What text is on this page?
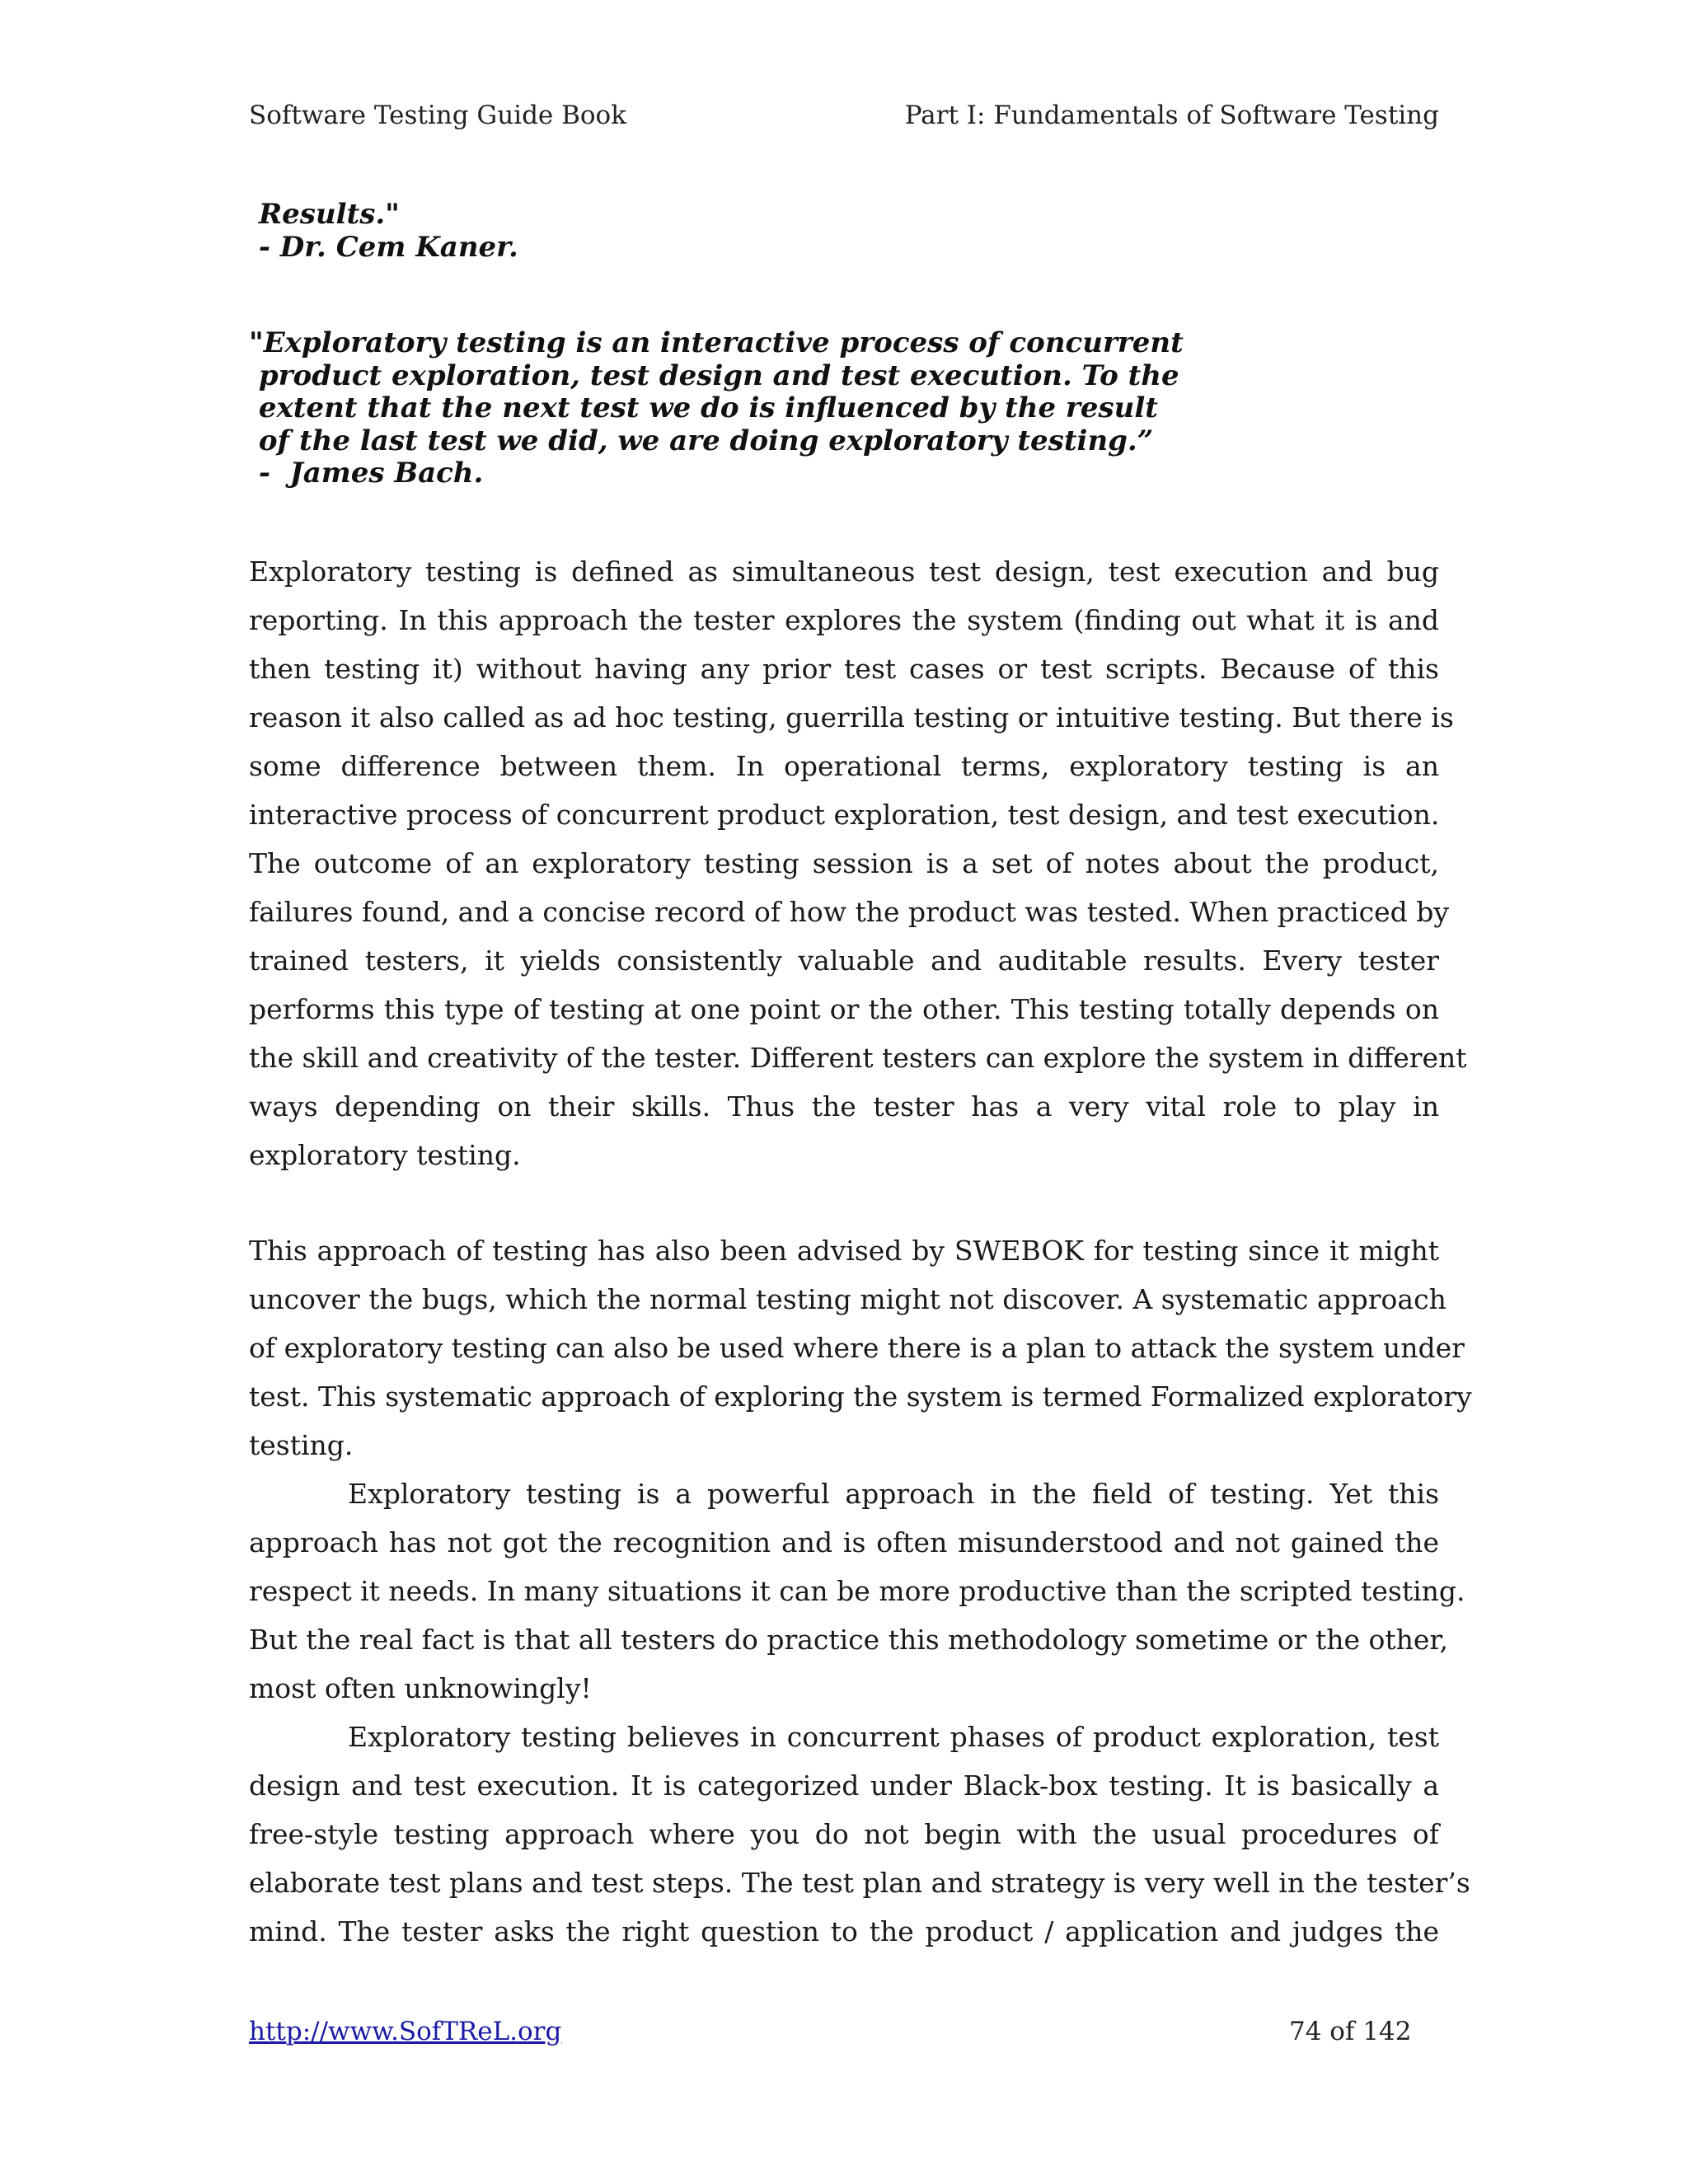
Software Testing Guide Book	Part I: Fundamentals of Software Testing
Results."
- Dr. Cem Kaner.
"Exploratory testing is an interactive process of concurrent
product exploration, test design and test execution. To the
extent that the next test we do is influenced by the result
of the last test we did, we are doing exploratory testing.”
-  James Bach.
Exploratory testing is defined as simultaneous test design, test execution and bug
reporting. In this approach the tester explores the system (finding out what it is and
then testing it) without having any prior test cases or test scripts. Because of this
reason it also called as ad hoc testing, guerrilla testing or intuitive testing. But there is
some difference between them. In operational terms, exploratory testing is an
interactive process of concurrent product exploration, test design, and test execution.
The outcome of an exploratory testing session is a set of notes about the product,
failures found, and a concise record of how the product was tested. When practiced by
trained testers, it yields consistently valuable and auditable results. Every tester
performs this type of testing at one point or the other. This testing totally depends on
the skill and creativity of the tester. Different testers can explore the system in different
ways depending on their skills. Thus the tester has a very vital role to play in
exploratory testing.
This approach of testing has also been advised by SWEBOK for testing since it might
uncover the bugs, which the normal testing might not discover. A systematic approach
of exploratory testing can also be used where there is a plan to attack the system under
test. This systematic approach of exploring the system is termed Formalized exploratory
testing.
Exploratory testing is a powerful approach in the field of testing. Yet this
approach has not got the recognition and is often misunderstood and not gained the
respect it needs. In many situations it can be more productive than the scripted testing.
But the real fact is that all testers do practice this methodology sometime or the other,
most often unknowingly!
Exploratory testing believes in concurrent phases of product exploration, test
design and test execution. It is categorized under Black-box testing. It is basically a
free-style testing approach where you do not begin with the usual procedures of
elaborate test plans and test steps. The test plan and strategy is very well in the tester’s
mind. The tester asks the right question to the product / application and judges the
http://www.SofTReL.org	74 of 142
